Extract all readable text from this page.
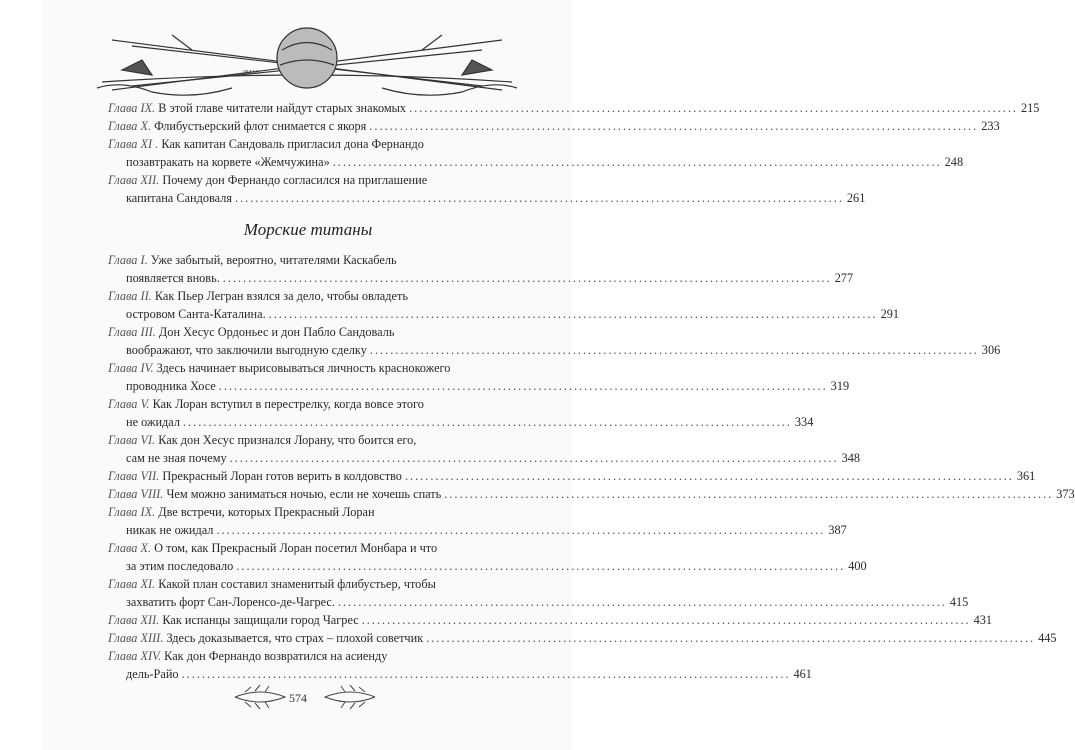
ЭМАО
Глава IX. В этой главе читатели найдут старых знакомых ........................................................................................................................ 215
Глава X. Флибустьерский флот снимается с якоря ........................................................................................................................ 233
Глава XI . Как капитан Сандоваль пригласил дона Фернандо
позавтракать на корвете «Жемчужина» ........................................................................................................................ 248
Глава XII. Почему дон Фернандо согласился на приглашение
капитана Сандоваля ........................................................................................................................ 261
Морские титаны
Глава I. Уже забытый, вероятно, читателями Каскабель
появляется вновь. ........................................................................................................................ 277
Глава II. Как Пьер Легран взялся за дело, чтобы овладеть
островом Санта-Каталина. ........................................................................................................................ 291
Глава III. Дон Хесус Ордоньес и дон Пабло Сандоваль
воображают, что заключили выгодную сделку ........................................................................................................................ 306
Глава IV. Здесь начинает вырисовываться личность краснокожего
проводника Хосе ........................................................................................................................ 319
Глава V. Как Лоран вступил в перестрелку, когда вовсе этого
не ожидал ........................................................................................................................ 334
Глава VI. Как дон Хесус признался Лорану, что боится его,
сам не зная почему ........................................................................................................................ 348
Глава VII. Прекрасный Лоран готов верить в колдовство ........................................................................................................................ 361
Глава VIII. Чем можно заниматься ночью, если не хочешь спать ........................................................................................................................ 373
Глава IX. Две встречи, которых Прекрасный Лоран
никак не ожидал ........................................................................................................................ 387
Глава X. О том, как Прекрасный Лоран посетил Монбара и что
за этим последовало ........................................................................................................................ 400
Глава XI. Какой план составил знаменитый флибустьер, чтобы
захватить форт Сан-Лоренсо-де-Чагрес. ........................................................................................................................ 415
Глава XII. Как испанцы защищали город Чагрес ........................................................................................................................ 431
Глава XIII. Здесь доказывается, что страх – плохой советчик ........................................................................................................................ 445
Глава XIV. Как дон Фернандо возвратился на асиенду
дель-Райо ........................................................................................................................ 461
574
